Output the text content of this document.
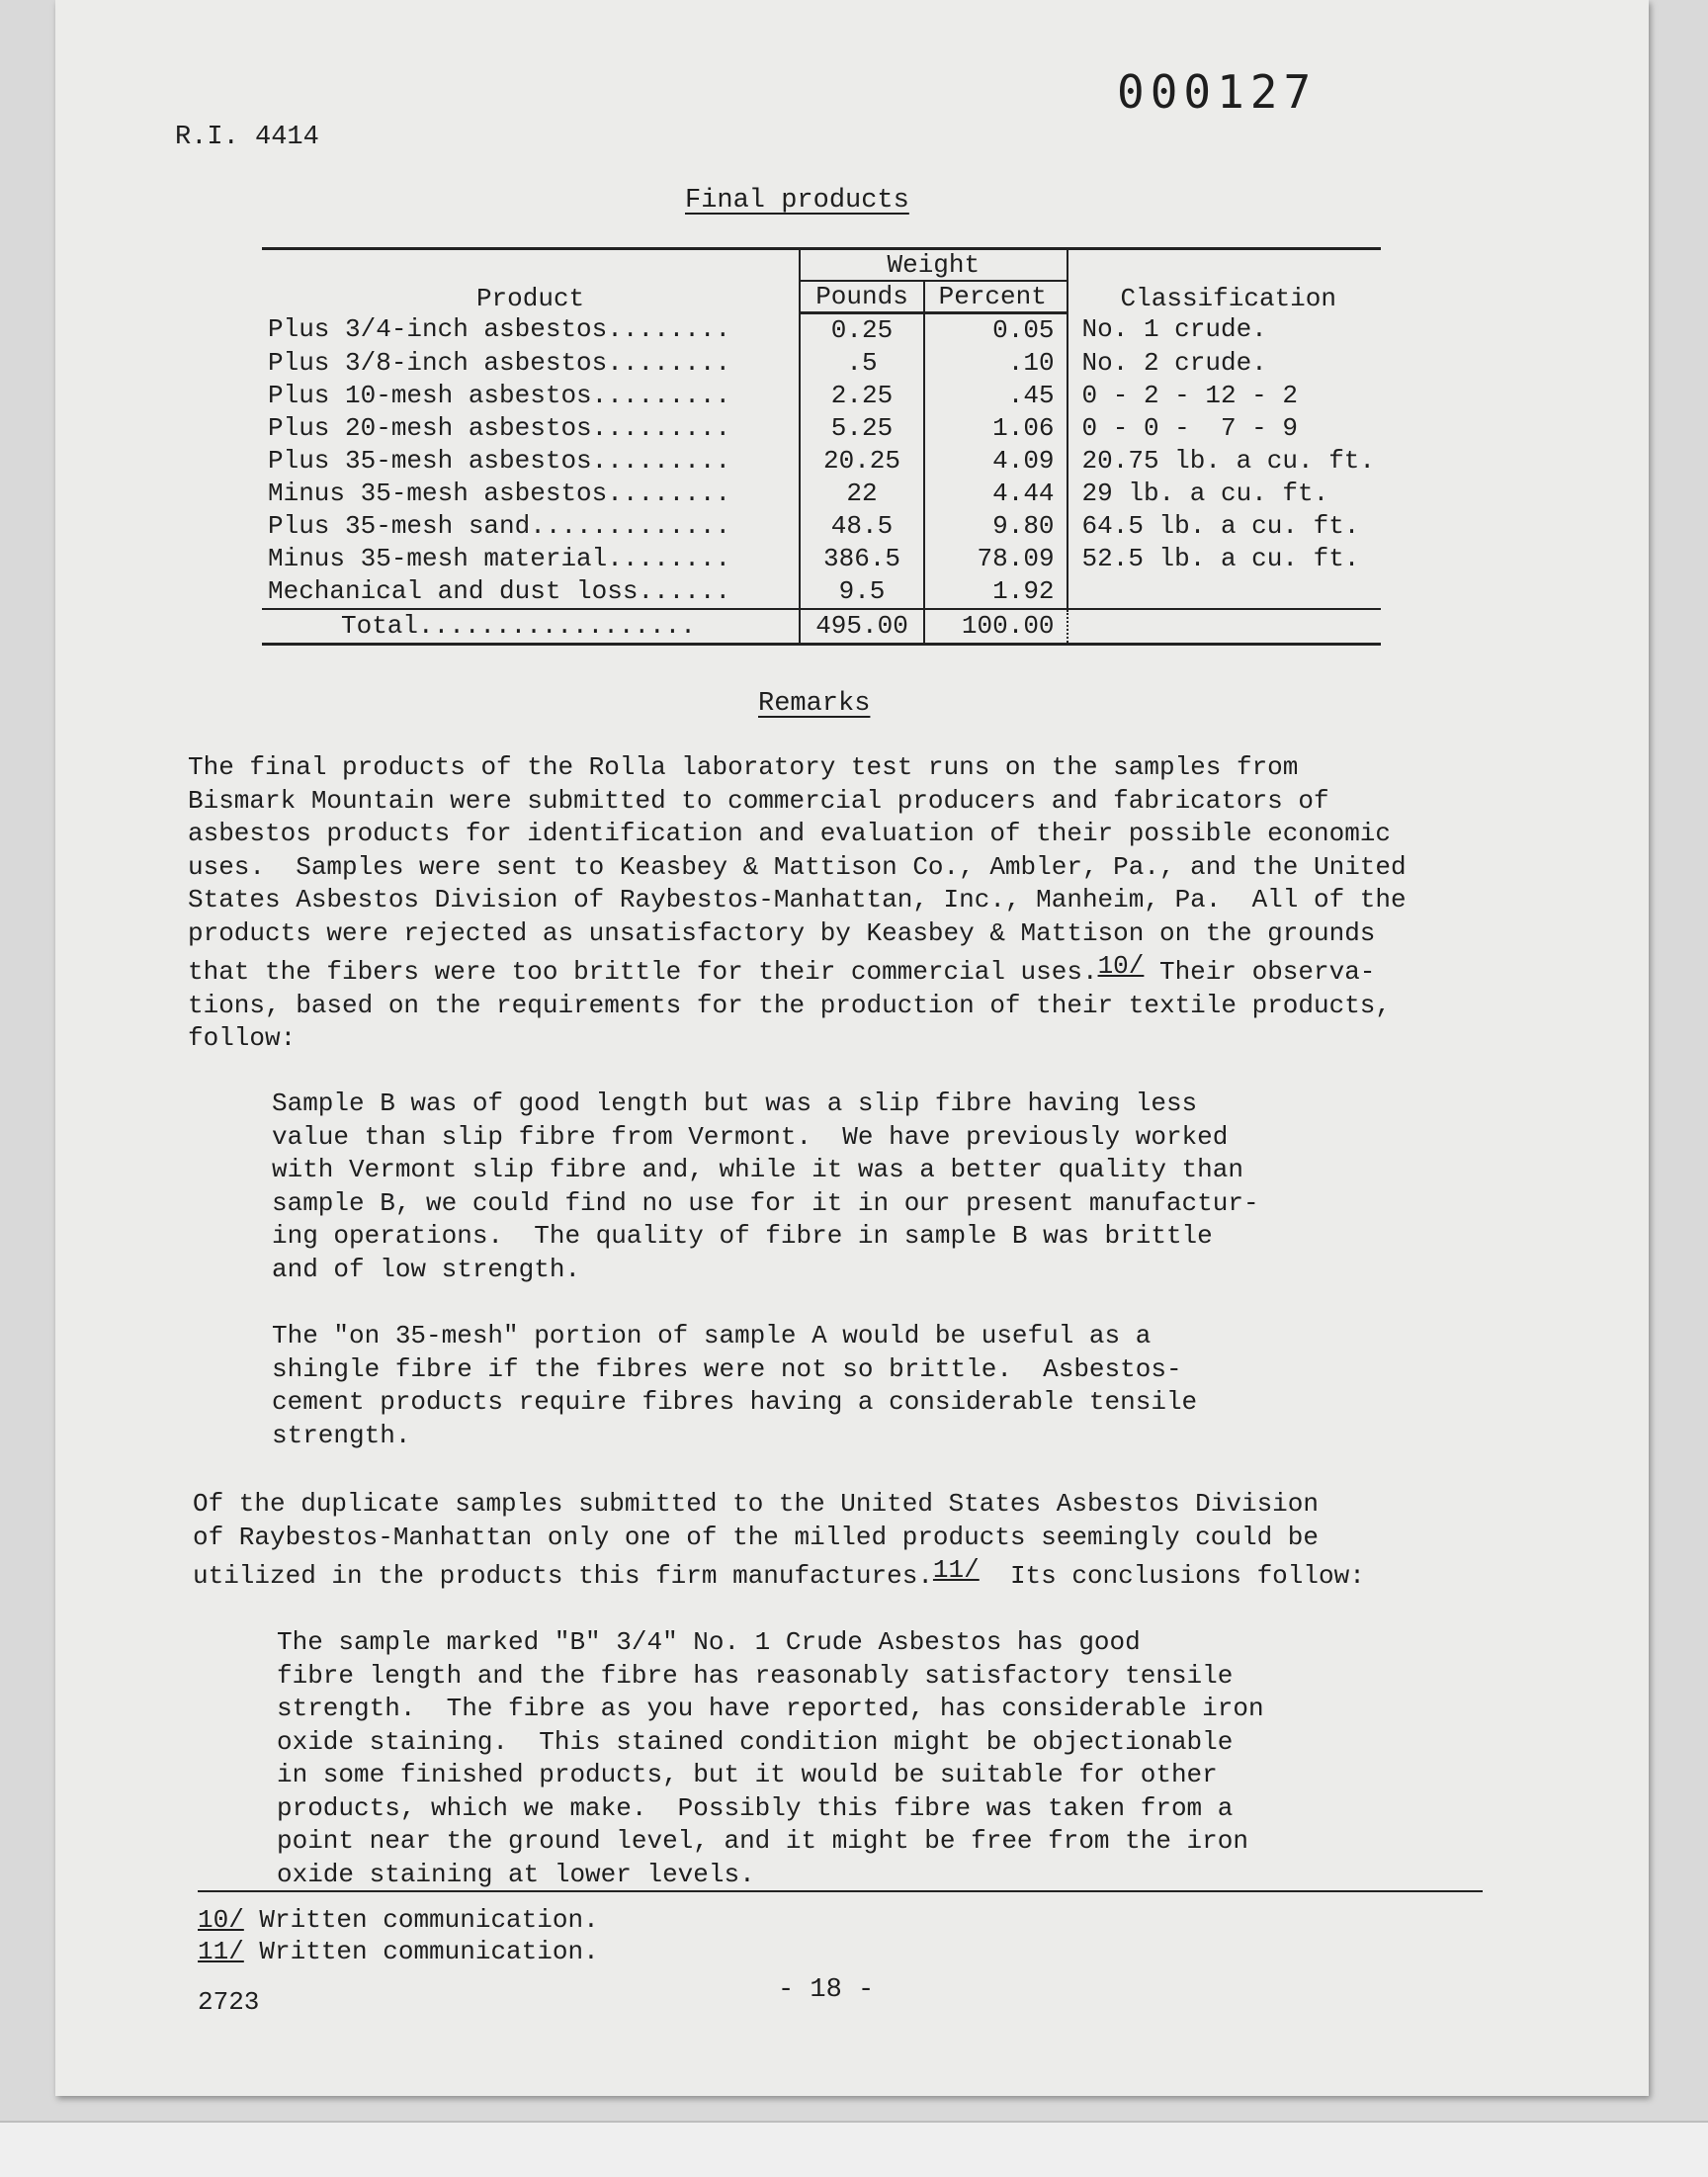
000127
R.I. 4414
Final products
Product	Weight		Classification
	Pounds	Percent	
Plus 3/4-inch asbestos........	0.25	0.05	No. 1 crude.
Plus 3/8-inch asbestos........	.5	.10	No. 2 crude.
Plus 10-mesh asbestos.........	2.25	.45	0 - 2 - 12 - 2
Plus 20-mesh asbestos.........	5.25	1.06	0 - 0 -  7 - 9
Plus 35-mesh asbestos.........	20.25	4.09	20.75 lb. a cu. ft.
Minus 35-mesh asbestos........	22	4.44	29 lb. a cu. ft.
Plus 35-mesh sand.............	48.5	9.80	64.5 lb. a cu. ft.
Minus 35-mesh material........	386.5	78.09	52.5 lb. a cu. ft.
Mechanical and dust loss......	9.5	1.92	
Total..................	495.00	100.00	
Remarks
The final products of the Rolla laboratory test runs on the samples from
Bismark Mountain were submitted to commercial producers and fabricators of
asbestos products for identification and evaluation of their possible economic
uses.  Samples were sent to Keasbey & Mattison Co., Ambler, Pa., and the United
States Asbestos Division of Raybestos-Manhattan, Inc., Manheim, Pa.  All of the
products were rejected as unsatisfactory by Keasbey & Mattison on the grounds
that the fibers were too brittle for their commercial uses.$^{10/}$ Their observa-
tions, based on the requirements for the production of their textile products,
follow:
Sample B was of good length but was a slip fibre having less
value than slip fibre from Vermont.  We have previously worked
with Vermont slip fibre and, while it was a better quality than
sample B, we could find no use for it in our present manufactur-
ing operations.  The quality of fibre in sample B was brittle
and of low strength.
The "on 35-mesh" portion of sample A would be useful as a
shingle fibre if the fibres were not so brittle.  Asbestos-
cement products require fibres having a considerable tensile
strength.
Of the duplicate samples submitted to the United States Asbestos Division
of Raybestos-Manhattan only one of the milled products seemingly could be
utilized in the products this firm manufactures.$^{11/}$  Its conclusions follow:
The sample marked "B" 3/4" No. 1 Crude Asbestos has good
fibre length and the fibre has reasonably satisfactory tensile
strength.  The fibre as you have reported, has considerable iron
oxide staining.  This stained condition might be objectionable
in some finished products, but it would be suitable for other
products, which we make.  Possibly this fibre was taken from a
point near the ground level, and it might be free from the iron
oxide staining at lower levels.
10/ Written communication.
11/ Written communication.
2723	- 18 -
